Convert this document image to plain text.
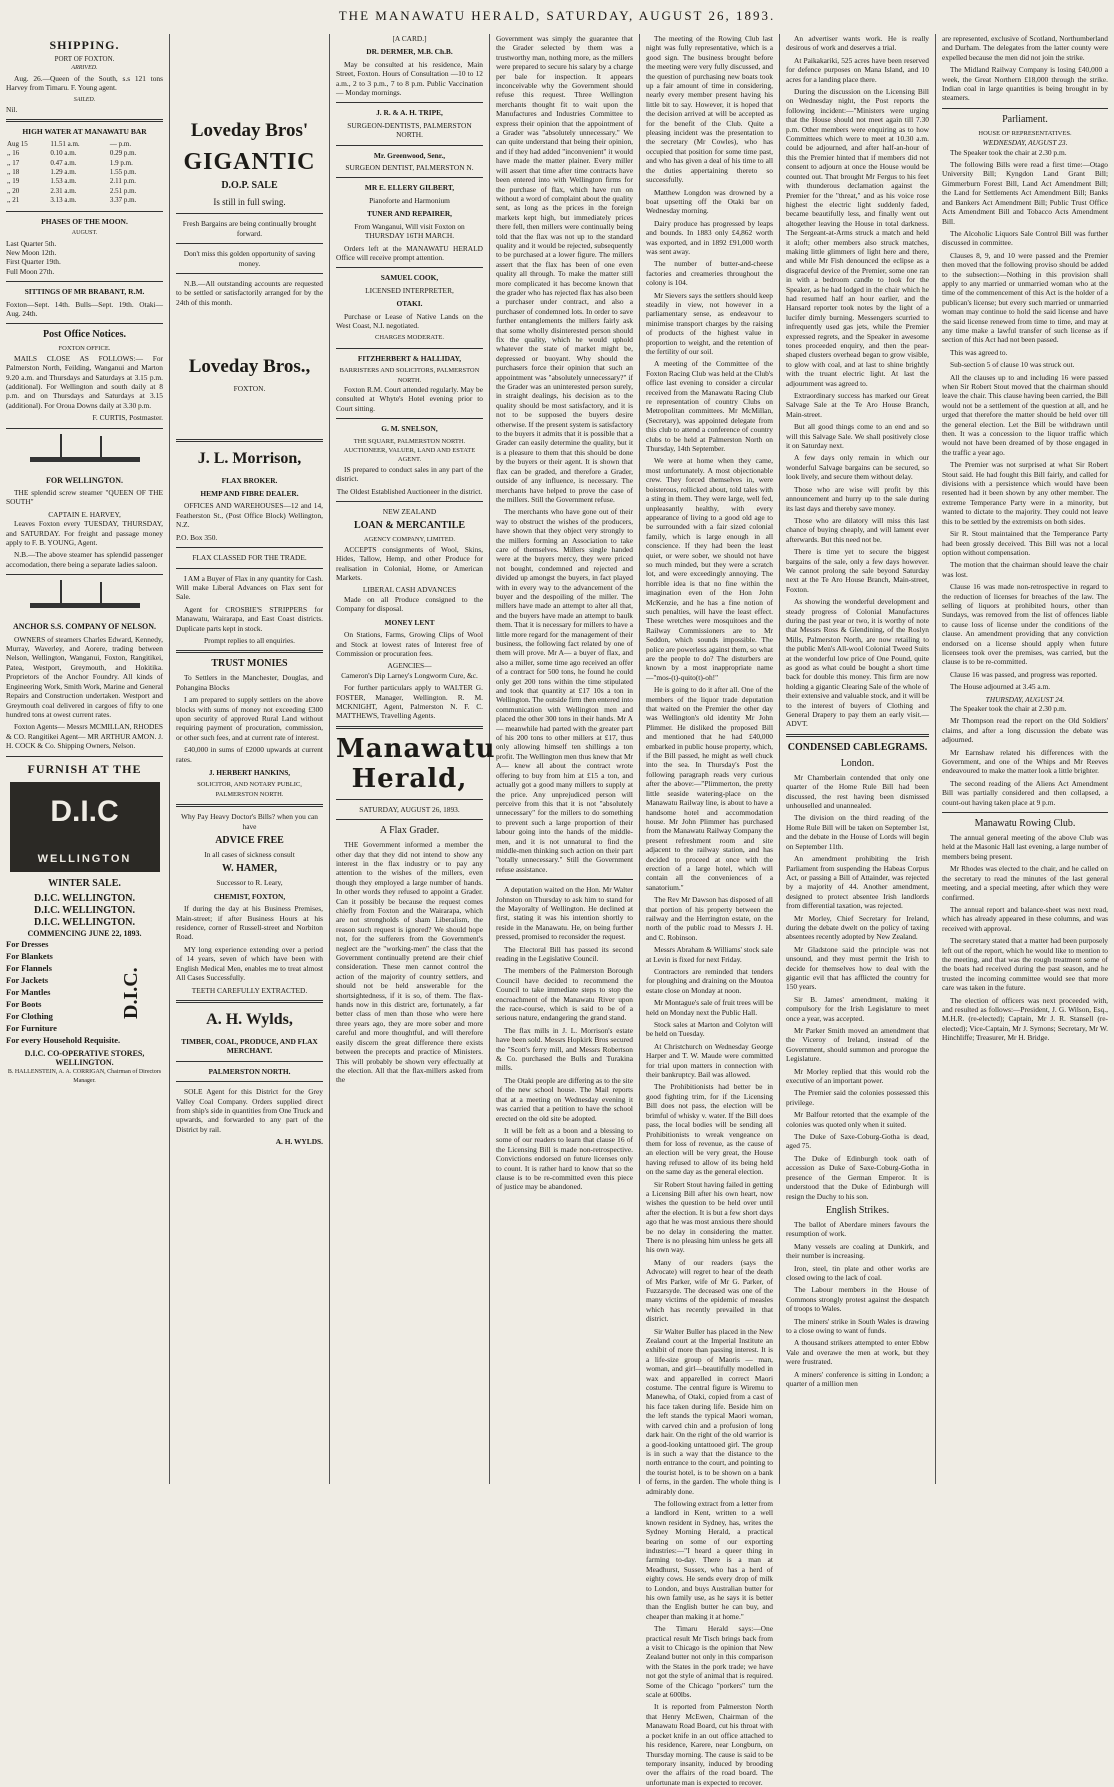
THE MANAWATU HERALD, SATURDAY, AUGUST 26, 1893.
SHIPPING.
PORT OF FOXTON.
ARRIVED.

Aug. 26.—Queen of the South, s.s 121 tons Harvey from Timaru. F. Young agent.

SAILED.

Nil.

HIGH WATER AT MANAWATU BAR
Aug 15	11.51 a.m.	— p.m.
,, 16	0.10 a.m.	0.29 p.m.
,, 17	0.47 a.m.	1.9 p.m.
,, 18	1.29 a.m.	1.55 p.m.
,, 19	1.53 a.m.	2.11 p.m.
,, 20	2.31 a.m.	2.51 p.m.
,, 21	3.13 a.m.	3.37 p.m.
PHASES OF THE MOON.
AUGUST.
Last Quarter 5th.
New Moon 12th.
First Quarter 19th.
Full Moon 27th.
SITTINGS OF MR BRABANT, R.M.

Foxton—Sept. 14th. Bulls—Sept. 19th. Otaki—Aug. 24th.

Post Office Notices.
FOXTON OFFICE.

MAILS CLOSE AS FOLLOWS:— For Palmerston North, Feilding, Wanganui and Marton 9.20 a.m. and Thursdays and Saturdays at 3.15 p.m. (additional). For Wellington and south daily at 8 p.m. and on Thursdays and Saturdays at 3.15 (additional). For Oroua Downs daily at 3.30 p.m.

F. CURTIS, Postmaster.

FOR WELLINGTON.

THE splendid screw steamer "QUEEN OF THE SOUTH"

CAPTAIN E. HARVEY,

Leaves Foxton every TUESDAY, THURSDAY, and SATURDAY. For freight and passage money apply to F. B. YOUNG, Agent.

N.B.—The above steamer has splendid passenger accomodation, there being a separate ladies saloon.

ANCHOR S.S. COMPANY OF NELSON.

OWNERS of steamers Charles Edward, Kennedy, Murray, Waverley, and Aorere, trading between Nelson, Wellington, Wanganui, Foxton, Rangitikei, Patea, Westport, Greymouth, and Hokitika. Proprietors of the Anchor Foundry. All kinds of Engineering Work, Smith Work, Marine and General Repairs and Construction undertaken. Westport and Greymouth coal delivered in cargoes of fifty to one hundred tons at owest current rates.

Foxton Agents— Messrs MCMILLAN, RHODES & CO. Rangitikei Agent— MR ARTHUR AMON. J. H. COCK & Co. Shipping Owners, Nelson.

FURNISH AT THE
D.I.C
WELLINGTON
WINTER SALE.
D.I.C. WELLINGTON.
D.I.C. WELLINGTON.
D.I.C. WELLINGTON.
COMMENCING JUNE 22, 1893.
For Dresses
For Blankets
For Flannels
For Jackets
For Mantles
For Boots
For Clothing
For Furniture
For every Household Requisite.
D.I.C.
D.I.C. CO-OPERATIVE STORES, WELLINGTON.
B. HALLENSTEIN, A. A. CORRIGAN, Chairman of Directors Manager.
Loveday Bros'
GIGANTIC
D.O.P. SALE
Is still in full swing.

Fresh Bargains are being continually brought forward.

Don't miss this golden opportunity of saving money.

N.B.—All outstanding accounts are requested to be settled or satisfactorily arranged for by the 24th of this month.

Loveday Bros.,
FOXTON.
J. L. Morrison,
FLAX BROKER.
HEMP AND FIBRE DEALER.

OFFICES AND WAREHOUSES—12 and 14, Featherston St., (Post Office Block) Wellington, N.Z.

P.O. Box 350.

FLAX CLASSED FOR THE TRADE.

I AM a Buyer of Flax in any quantity for Cash. Will make Liberal Advances on Flax sent for Sale.

Agent for CROSBIE'S STRIPPERS for Manawatu, Wairarapa, and East Coast districts. Duplicate parts kept in stock.

Prompt replies to all enquiries.

TRUST MONIES

To Settlers in the Manchester, Douglas, and Pohangina Blocks

I am prepared to supply settlers on the above blocks with sums of money not exceeding £300 upon security of approved Rural Land without requiring payment of procuration, commission, or other such fees, and at current rate of interest.

£40,000 in sums of £2000 upwards at current rates.

J. HERBERT HANKINS,
SOLICITOR, AND NOTARY PUBLIC, PALMERSTON NORTH.

Why Pay Heavy Doctor's Bills? when you can have

ADVICE FREE

In all cases of sickness consult

W. HAMER,
Successor to R. Leary,
CHEMIST, FOXTON,

If during the day at his Business Premises, Main-street; if after Business Hours at his residence, corner of Russell-street and Norbiton Road.

MY long experience extending over a period of 14 years, seven of which have been with English Medical Men, enables me to treat almost All Cases Successfully.

TEETH CAREFULLY EXTRACTED.
A. H. Wylds,
TIMBER, COAL, PRODUCE, AND FLAX MERCHANT.
PALMERSTON NORTH.

SOLE Agent for this District for the Grey Valley Coal Company. Orders supplied direct from ship's side in quantities from One Truck and upwards, and forwarded to any part of the District by rail.

A. H. WYLDS.
[A CARD.]
DR. DERMER, M.B. Ch.B.

May be consulted at his residence, Main Street, Foxton. Hours of Consultation —10 to 12 a.m., 2 to 3 p.m., 7 to 8 p.m. Public Vaccination — Monday mornings.

J. R. & A. H. TRIPE,
SURGEON-DENTISTS, PALMERSTON NORTH.
Mr. Greenwood, Senr.,
SURGEON DENTIST, PALMERSTON N.
MR E. ELLERY GILBERT,
Pianoforte and Harmonium
TUNER AND REPAIRER,

From Wanganui, Will visit Foxton on THURSDAY 16TH MARCH.

Orders left at the MANAWATU HERALD Office will receive prompt attention.

SAMUEL COOK,
LICENSED INTERPRETER,
OTAKI.

Purchase or Lease of Native Lands on the West Coast, N.I. negotiated.

CHARGES MODERATE.
FITZHERBERT & HALLIDAY,
BARRISTERS AND SOLICITORS, PALMERSTON NORTH.

Foxton R.M. Court attended regularly. May be consulted at Whyte's Hotel evening prior to Court sitting.

G. M. SNELSON,
THE SQUARE, PALMERSTON NORTH.
AUCTIONEER, VALUER, LAND AND ESTATE AGENT.

IS prepared to conduct sales in any part of the district.

The Oldest Established Auctioneer in the district.

NEW ZEALAND
LOAN & MERCANTILE
AGENCY COMPANY, LIMITED.

ACCEPTS consignments of Wool, Skins, Hides, Tallow, Hemp, and other Produce for realisation in Colonial, Home, or American Markets.

LIBERAL CASH ADVANCES

Made on all Produce consigned to the Company for disposal.

MONEY LENT

On Stations, Farms, Growing Clips of Wool and Stock at lowest rates of Interest free of Commission or procuration fees.

AGENCIES—

Cameron's Dip Larney's Longworm Cure, &c.

For further particulars apply to WALTER G. FOSTER, Manager, Wellington. R. M. MCKNIGHT, Agent, Palmerston N. F. C. MATTHEWS, Travelling Agents.

Manawatu Herald,
SATURDAY, AUGUST 26, 1893.
A Flax Grader.

THE Government informed a member the other day that they did not intend to show any interest in the flax industry or to pay any attention to the wishes of the millers, even though they employed a large number of hands. In other words they refused to appoint a Grader. Can it possibly be because the request comes chiefly from Foxton and the Wairarapa, which are not strongholds of sham Liberalism, the reason such request is ignored? We should hope not, for the sufferers from the Government's neglect are the "working-men" the class that the Government continually pretend are their chief consideration. These men cannot control the action of the majority of country settlers, and should not be held answerable for the shortsightedness, if it is so, of them. The flax-hands now in this district are, fortunately, a far better class of men than those who were here three years ago, they are more sober and more careful and more thoughtful, and will therefore easily discern the great difference there exists between the precepts and practice of Ministers. This will probably be shown very effectually at the election. All that the flax-millers asked from the

Government was simply the guarantee that the Grader selected by them was a trustworthy man, nothing more, as the millers were prepared to secure his salary by a charge per bale for inspection. It appears inconceivable why the Government should refuse this request. Three Wellington merchants thought fit to wait upon the Manufactures and Industries Committee to express their opinion that the appointment of a Grader was "absolutely unnecessary." We can quite understand that being their opinion, and if they had added "inconvenient" it would have made the matter plainer. Every miller will assert that time after time contracts have been entered into with Wellington firms for the purchase of flax, which have run on without a word of complaint about the quality sent, as long as the prices in the foreign markets kept high, but immediately prices there fell, then millers were continually being told that the flax was not up to the standard quality and it would be rejected, subsequently to be purchased at a lower figure. The millers assert that the flax has been of one even quality all through. To make the matter still more complicated it has become known that the grader who has rejected flax has also been a purchaser under contract, and also a purchaser of condemned lots. In order to save further entanglements the millers fairly ask that some wholly disinterested person should fix the quality, which he would uphold whatever the state of market might be, depressed or buoyant. Why should the purchasers force their opinion that such an appointment was "absolutely unnecessary?" if the Grader was an uninterested person surely, in straight dealings, his decision as to the quality should be most satisfactory, and it is not to be supposed the buyers desire otherwise. If the present system is satisfactory to the buyers it admits that it is possible that a Grader can easily determine the quality, but it is a pleasure to them that this should be done by the buyers or their agent. It is shown that flax can be graded, and therefore a Grader, outside of any influence, is necessary. The merchants have helped to prove the case of the millers. Still the Government refuse.

The merchants who have gone out of their way to obstruct the wishes of the producers, have shown that they object very strongly to the millers forming an Association to take care of themselves. Millers single handed were at the buyers mercy, they were priced not bought, condemned and rejected and divided up amongst the buyers, in fact played with in every way to the advancement of the buyer and the despoiling of the miller. The millers have made an attempt to alter all that, and the buyers have made an attempt to baulk them. That it is necessary for millers to have a little more regard for the management of their business, the following fact related by one of them will prove. Mr A— a buyer of flax, and also a miller, some time ago received an offer of a contract for 500 tons, he found he could only get 200 tons within the time stipulated and took that quantity at £17 10s a ton in Wellington. The outside firm then entered into communication with Wellington men and placed the other 300 tons in their hands. Mr A— meanwhile had parted with the greater part of his 200 tons to other millers at £17, thus only allowing himself ten shillings a ton profit. The Wellington men thus knew that Mr A— knew all about the contract wrote offering to buy from him at £15 a ton, and actually got a good many millers to supply at the price. Any unprejudiced person will perceive from this that it is not "absolutely unnecessary" for the millers to do something to prevent such a large proportion of their labour going into the hands of the middle-men, and it is not unnatural to find the middle-men thinking such action on their part "totally unnecessary." Still the Government refuse assistance.

A deputation waited on the Hon. Mr Walter Johnston on Thursday to ask him to stand for the Mayoralty of Wellington. He declined at first, stating it was his intention shortly to reside in the Manawatu. He, on being further pressed, promised to reconsider the request.

The Electoral Bill has passed its second reading in the Legislative Council.

The members of the Palmerston Borough Council have decided to recommend the Council to take immediate steps to stop the encroachment of the Manawatu River upon the race-course, which is said to be of a serious nature, endangering the grand stand.

The flax mills in J. L. Morrison's estate have been sold. Messrs Hopkirk Bros secured the "Scott's ferry mill, and Messrs Robertson & Co. purchased the Bulls and Turakina mills.

The Otaki people are differing as to the site of the new school house. The Mail reports that at a meeting on Wednesday evening it was carried that a petition to have the school erected on the old site be adopted.

It will be felt as a boon and a blessing to some of our readers to learn that clause 16 of the Licensing Bill is made non-retrospective. Convictions endorsed on future licenses only to count. It is rather hard to know that so the clause is to be re-committed even this piece of justice may be abandoned.

The meeting of the Rowing Club last night was fully representative, which is a good sign. The business brought before the meeting were very fully discussed, and the question of purchasing new boats took up a fair amount of time in considering, nearly every member present having his little bit to say. However, it is hoped that the decision arrived at will be accepted as for the benefit of the Club. Quite a pleasing incident was the presentation to the secretary (Mr Cowles), who has occupied that position for some time past, and who has given a deal of his time to all the duties appertaining thereto so successfully.

Matthew Longdon was drowned by a boat upsetting off the Otaki bar on Wednesday morning.

Dairy produce has progressed by leaps and bounds. In 1883 only £4,862 worth was exported, and in 1892 £91,000 worth was sent away.

The number of butter-and-cheese factories and creameries throughout the colony is 104.

Mr Sievers says the settlers should keep steadily in view, not however in a parliamentary sense, as endeavour to minimise transport charges by the raising of products of the highest value in proportion to weight, and the retention of the fertility of our soil.

A meeting of the Committee of the Foxton Racing Club was held at the Club's office last evening to consider a circular received from the Manawatu Racing Club re representation of country Clubs on Metropolitan committees. Mr McMillan, (Secretary), was appointed delegate from this club to attend a conference of country clubs to be held at Palmerston North on Thursday, 14th September.

We were at home when they came, most unfortunately. A most objectionable crew. They forced themselves in, were boisterous, rollicked about, told tales with a sting in them. They were large, well fed, unpleasantly healthy, with every appearance of living to a good old age to be surrounded with a fair sized colonial family, which is large enough in all conscience. If they had been the least quiet, or were sober, we should not have so much minded, but they were a scratch lot, and were exceedingly annoying. The horrible idea is that no fine within the imagination even of the Hon John McKenzie, and he has a fine notion of such penalties, will have the least effect. These wretches were mosquitoes and the Railway Commissioners are to Mr Seddon, which sounds impossible. The police are powerless against them, so what are the people to do? The disturbers are known by a most inappropriate name—"mos-(t)-quito(t)-oh!"

He is going to do it after all. One of the members of the liquor trade deputation that waited on the Premier the other day was Wellington's old identity Mr John Plimmer. He disliked the proposed Bill and mentioned that he had £40,000 embarked in public house property, which, if the Bill passed, he might as well chuck into the sea. In Thursday's Post the following paragraph reads very curious after the above:—"Plimmerton, the pretty little seaside watering-place on the Manawatu Railway line, is about to have a handsome hotel and accommodation house. Mr John Plimmer has purchased from the Manawatu Railway Company the present refreshment room and site adjacent to the railway station, and has decided to proceed at once with the erection of a large hotel, which will contain all the conveniences of a sanatorium."

The Rev Mr Dawson has disposed of all that portion of his property between the railway and the Herrington estate, on the north of the public road to Messrs J. H. and C. Robinson.

Messrs Abraham & Williams' stock sale at Levin is fixed for next Friday.

Contractors are reminded that tenders for ploughing and draining on the Moutoa estate close on Monday at noon.

Mr Montague's sale of fruit trees will be held on Monday next the Public Hall.

Stock sales at Marton and Colyton will be held on Tuesday.

At Christchurch on Wednesday George Harper and T. W. Maude were committed for trial upon matters in connection with their bankruptcy. Bail was allowed.

The Prohibitionists had better be in good fighting trim, for if the Licensing Bill does not pass, the election will be brimful of whisky v. water. If the Bill does pass, the local bodies will be sending all Prohibitionists to wreak vengeance on them for loss of revenue, as the cause of an election will be very great, the House having refused to allow of its being held on the same day as the general election.

Sir Robert Stout having failed in getting a Licensing Bill after his own heart, now wishes the question to be held over until after the election. It is but a few short days ago that he was most anxious there should be no delay in considering the matter. There is no pleasing him unless he gets all his own way.

Many of our readers (says the Advocate) will regret to hear of the death of Mrs Parker, wife of Mr G. Parker, of Fuzzarsyde. The deceased was one of the many victims of the epidemic of measles which has recently prevailed in that district.

Sir Walter Buller has placed in the New Zealand court at the Imperial Institute an exhibit of more than passing interest. It is a life-size group of Maoris — man, woman, and girl—beautifully modelled in wax and apparelled in correct Maori costume. The central figure is Wiremu to Manewha, of Otaki, copied from a cast of his face taken during life. Beside him on the left stands the typical Maori woman, with carved chin and a profusion of long dark hair. On the right of the old warrior is a good-looking untattooed girl. The group is in such a way that the distance to the north entrance to the court, and pointing to the tourist hotel, is to be shown on a bank of ferns, in the garden. The whole thing is admirably done.

The following extract from a letter from a landlord in Kent, written to a well known resident in Sydney, has, writes the Sydney Morning Herald, a practical bearing on some of our exporting industries:—"I heard a queer thing in farming to-day. There is a man at Meadhurst, Sussex, who has a herd of eighty cows. He sends every drop of milk to London, and buys Australian butter for his own family use, as he says it is better than the English butter he can buy, and cheaper than making it at home."

The Timaru Herald says:—One practical result Mr Tisch brings back from a visit to Chicago is the opinion that New Zealand butter not only in this comparison with the States in the pork trade; we have not got the style of animal that is required. Some of the Chicago "porkers" turn the scale at 600lbs.

It is reported from Palmerston North that Henry McEwen, Chairman of the Manawatu Road Board, cut his throat with a pocket knife in an out office attached to his residence, Karere, near Longburn, on Thursday morning. The cause is said to be temporary insanity, induced by brooding over the affairs of the road board. The unfortunate man is expected to recover.

An advertiser wants work. He is really desirous of work and deserves a trial.

At Paikakariki, 525 acres have been reserved for defence purposes on Mana Island, and 10 acres for a landing place there.

During the discussion on the Licensing Bill on Wednesday night, the Post reports the following incident:—"Ministers were urging that the House should not meet again till 7.30 p.m. Other members were enquiring as to how Committees which were to meet at 10.30 a.m. could be adjourned, and after half-an-hour of this the Premier hinted that if members did not consent to adjourn at once the House would be counted out. That brought Mr Fergus to his feet with thunderous declamation against the Premier for the "threat," and as his voice rose highest the electric light suddenly faded, became beautifully less, and finally went out altogether leaving the House in total darkness. The Sergeant-at-Arms struck a match and held it aloft; other members also struck matches, making little glimmers of light here and there, and while Mr Fish denounced the eclipse as a disgraceful device of the Premier, some one ran in with a bedroom candle to look for the Speaker, as he had lodged in the chair which he had resumed half an hour earlier, and the Hansard reporter took notes by the light of a lucifer dimly burning. Messengers scurried to infrequently used gas jets, while the Premier expressed regrets, and the Speaker in awesome tones proceeded enquiry, and then the pear-shaped clusters overhead began to grow visible, to glow with coal, and at last to shine brightly with the truant electric light. At last the adjournment was agreed to.

Extraordinary success has marked our Great Salvage Sale at the Te Aro House Branch, Main-street.

But all good things come to an end and so will this Salvage Sale. We shall positively close it on Saturday next.

A few days only remain in which our wonderful Salvage bargains can be secured, so look lively, and secure them without delay.

Those who are wise will profit by this announcement and hurry up to the sale during its last days and thereby save money.

Those who are dilatory will miss this last chance of buying cheaply, and will lament ever afterwards. But this need not be.

There is time yet to secure the biggest bargains of the sale, only a few days however. We cannot prolong the sale beyond Saturday next at the Te Aro House Branch, Main-street, Foxton.

As showing the wonderful development and steady progress of Colonial Manufactures during the past year or two, it is worthy of note that Messrs Ross & Glendining, of the Roslyn Mills, Palmerston North, are now retailing to the public Men's All-wool Colonial Tweed Suits at the wonderful low price of One Pound, quite as good as what could be bought a short time back for double this money. This firm are now holding a gigantic Clearing Sale of the whole of their extensive and valuable stock, and it will be to the interest of buyers of Clothing and General Drapery to pay them an early visit.—ADVT.

CONDENSED CABLEGRAMS.
London.

Mr Chamberlain contended that only one quarter of the Home Rule Bill had been discussed, the rest having been dismissed unhouselled and unannealed.

The division on the third reading of the Home Rule Bill will be taken on September 1st, and the debate in the House of Lords will begin on September 11th.

An amendment prohibiting the Irish Parliament from suspending the Habeas Corpus Act, or passing a Bill of Attainder, was rejected by a majority of 44. Another amendment, designed to protect absentee Irish landlords from differential taxation, was rejected.

Mr Morley, Chief Secretary for Ireland, during the debate dwelt on the policy of taxing absentees recently adopted by New Zealand.

Mr Gladstone said the principle was not unsound, and they must permit the Irish to decide for themselves how to deal with the gigantic evil that has afflicted the country for 150 years.

Sir B. James' amendment, making it compulsory for the Irish Legislature to meet once a year, was accepted.

Mr Parker Smith moved an amendment that the Viceroy of Ireland, instead of the Government, should summon and prorogue the Legislature.

Mr Morley replied that this would rob the executive of an important power.

The Premier said the colonies possessed this privilege.

Mr Balfour retorted that the example of the colonies was quoted only when it suited.

The Duke of Saxe-Coburg-Gotha is dead, aged 75.

The Duke of Edinburgh took oath of accession as Duke of Saxe-Coburg-Gotha in presence of the German Emperor. It is understood that the Duke of Edinburgh will resign the Duchy to his son.

English Strikes.

The ballot of Aberdare miners favours the resumption of work.

Many vessels are coaling at Dunkirk, and their number is increasing.

Iron, steel, tin plate and other works are closed owing to the lack of coal.

The Labour members in the House of Commons strongly protest against the despatch of troops to Wales.

The miners' strike in South Wales is drawing to a close owing to want of funds.

A thousand strikers attempted to enter Ebbw Vale and overawe the men at work, but they were frustrated.

A miners' conference is sitting in London; a quarter of a million men

are represented, exclusive of Scotland, Northumberland and Durham. The delegates from the latter county were expelled because the men did not join the strike.

The Midland Railway Company is losing £40,000 a week, the Great Northern £18,000 through the strike. Indian coal in large quantities is being brought in by steamers.

Parliament.
HOUSE OF REPRESENTATIVES.
WEDNESDAY, AUGUST 23.

The Speaker took the chair at 2.30 p.m.

The following Bills were read a first time:—Otago University Bill; Kyngdon Land Grant Bill; Gimmerburn Forest Bill, Land Act Amendment Bill; the Land for Settlements Act Amendment Bill; Banks and Bankers Act Amendment Bill; Public Trust Office Acts Amendment Bill and Tobacco Acts Amendment Bill.

The Alcoholic Liquors Sale Control Bill was further discussed in committee.

Clauses 8, 9, and 10 were passed and the Premier then moved that the following proviso should be added to the subsection:—Nothing in this provision shall apply to any married or unmarried woman who at the time of the commencement of this Act is the holder of a publican's license; but every such married or unmarried woman may continue to hold the said license and have the said license renewed from time to time, and may at any time make a lawful transfer of such license as if section of this Act had not been passed.

This was agreed to.

Sub-section 5 of clause 10 was struck out.

All the clauses up to and including 16 were passed when Sir Robert Stout moved that the chairman should leave the chair. This clause having been carried, the Bill would not be a settlement of the question at all, and he urged that therefore the matter should be held over till the general election. Let the Bill be withdrawn until then. It was a concession to the liquor traffic which would not have been dreamed of by those engaged in the traffic a year ago.

The Premier was not surprised at what Sir Robert Stout said. He had fought this Bill fairly, and called for divisions with a persistence which would have been resented had it been shown by any other member. The extreme Temperance Party were in a minority, but wanted to dictate to the majority. They could not leave this to be settled by the extremists on both sides.

Sir R. Stout maintained that the Temperance Party had been grossly deceived. This Bill was not a local option without compensation.

The motion that the chairman should leave the chair was lost.

Clause 16 was made non-retrospective in regard to the reduction of licenses for breaches of the law. The selling of liquors at prohibited hours, other than Sundays, was removed from the list of offences liable to cause loss of license under the conditions of the clause. An amendment providing that any conviction endorsed on a license should apply when future licensees took over the premises, was carried, but the clause is to be re-committed.

Clause 16 was passed, and progress was reported.

The House adjourned at 3.45 a.m.

THURSDAY, AUGUST 24.

The Speaker took the chair at 2.30 p.m.

Mr Thompson read the report on the Old Soldiers' claims, and after a long discussion the debate was adjourned.

Mr Earnshaw related his differences with the Government, and one of the Whips and Mr Reeves endeavoured to make the matter look a little brighter.

The second reading of the Aliens Act Amendment Bill was partially considered and then collapsed, a count-out having taken place at 9 p.m.

Manawatu Rowing Club.

The annual general meeting of the above Club was held at the Masonic Hall last evening, a large number of members being present.

Mr Rhodes was elected to the chair, and he called on the secretary to read the minutes of the last general meeting, and a special meeting, after which they were confirmed.

The annual report and balance-sheet was next read, which has already appeared in these columns, and was received with approval.

The secretary stated that a matter had been purposely left out of the report, which he would like to mention to the meeting, and that was the rough treatment some of the boats had received during the past season, and he trusted the incoming committee would see that more care was taken in the future.

The election of officers was next proceeded with, and resulted as follows:—President, J. G. Wilson, Esq., M.H.R. (re-elected); Captain, Mr J. R. Stansell (re-elected); Vice-Captain, Mr J. Symons; Secretary, Mr W. Hinchliffe; Treasurer, Mr H. Bridge.
